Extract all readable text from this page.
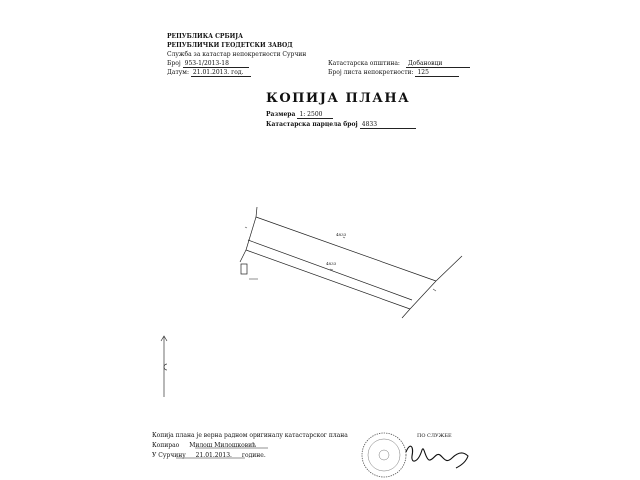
РЕПУБЛИКА СРБИЈА
РЕПУБЛИЧКИ ГЕОДЕТСКИ ЗАВОД
Служба за катастар непокретности Сурчин
Број 953-1/2013-18
Датум: 21.01.2013. год.
Катастарска општина: Добановци
Број листа непокретности: 125
КОПИЈА ПЛАНА
Размера 1: 2500
Катастарска парцела број 4833
4833
4833
Копија плана је верна радном оригиналу катастарског плана
Копирао Милош Милошковић
У Сурчину 21.01.2013. године.
ПО СЛУЖБЕ
